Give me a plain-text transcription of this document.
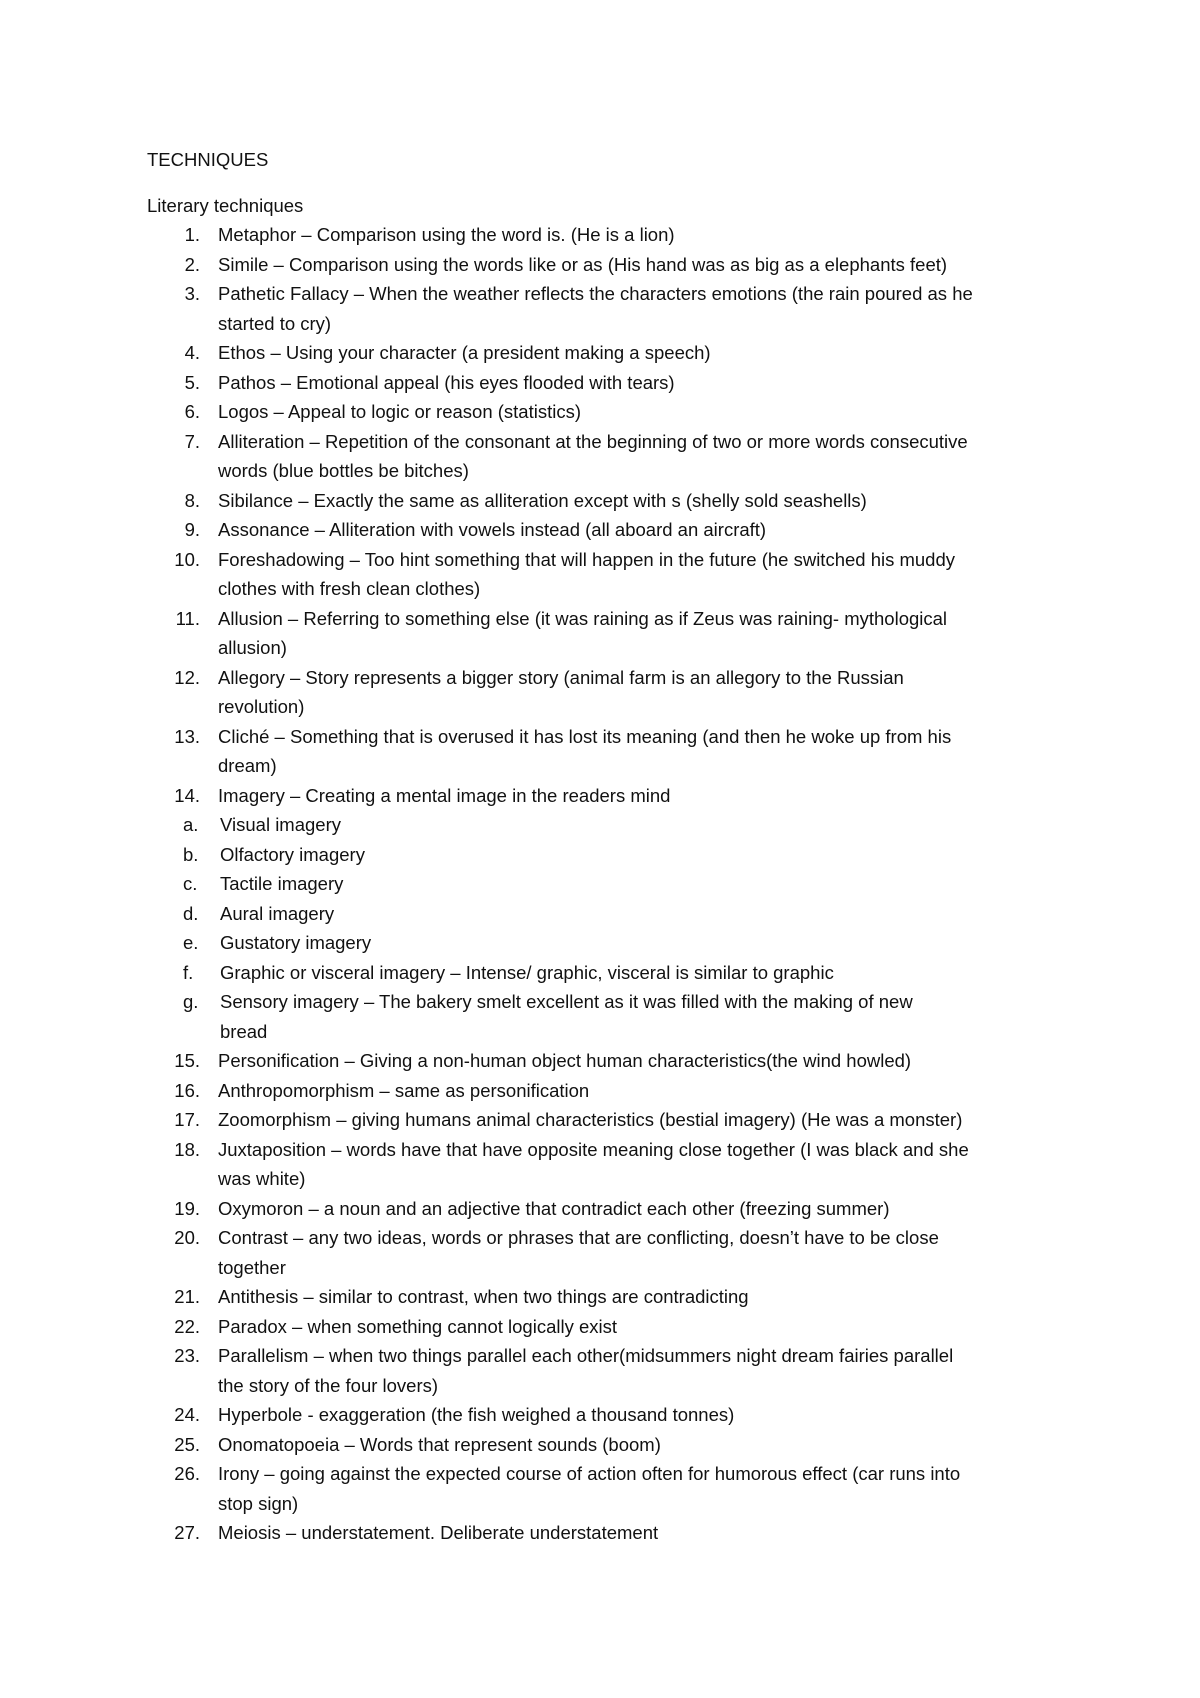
TECHNIQUES

Literary techniques

1. Metaphor – Comparison using the word is. (He is a lion)
2. Simile – Comparison using the words like or as (His hand was as big as a elephants feet)
3. Pathetic Fallacy – When the weather reflects the characters emotions (the rain poured as he
started to cry)
4. Ethos – Using your character (a president making a speech)
5. Pathos – Emotional appeal (his eyes flooded with tears)
6. Logos – Appeal to logic or reason (statistics)
7. Alliteration – Repetition of the consonant at the beginning of two or more words consecutive
words (blue bottles be bitches)
8. Sibilance – Exactly the same as alliteration except with s (shelly sold seashells)
9. Assonance – Alliteration with vowels instead (all aboard an aircraft)
10. Foreshadowing – Too hint something that will happen in the future (he switched his muddy
clothes with fresh clean clothes)
11. Allusion – Referring to something else (it was raining as if Zeus was raining- mythological
allusion)
12. Allegory – Story represents a bigger story (animal farm is an allegory to the Russian
revolution)
13. Cliché – Something that is overused it has lost its meaning (and then he woke up from his
dream)
14. Imagery – Creating a mental image in the readers mind
a.	Visual imagery
b.	Olfactory imagery
c.	Tactile imagery
d.	Aural imagery
e.	Gustatory imagery
f.	Graphic or visceral imagery – Intense/ graphic, visceral is similar to graphic
g.	Sensory imagery – The bakery smelt excellent as it was filled with the making of new
bread
15. Personification – Giving a non-human object human characteristics(the wind howled)
16. Anthropomorphism – same as personification
17. Zoomorphism – giving humans animal characteristics (bestial imagery) (He was a monster)
18. Juxtaposition – words have that have opposite meaning close together (I was black and she
was white)
19. Oxymoron – a noun and an adjective that contradict each other (freezing summer)
20. Contrast – any two ideas, words or phrases that are conflicting, doesn’t have to be close
together
21. Antithesis – similar to contrast, when two things are contradicting
22. Paradox – when something cannot logically exist
23. Parallelism – when two things parallel each other(midsummers night dream fairies parallel
the story of the four lovers)
24. Hyperbole - exaggeration (the fish weighed a thousand tonnes)
25. Onomatopoeia – Words that represent sounds (boom)
26. Irony – going against the expected course of action often for humorous effect (car runs into
stop sign)
27. Meiosis – understatement. Deliberate understatement
